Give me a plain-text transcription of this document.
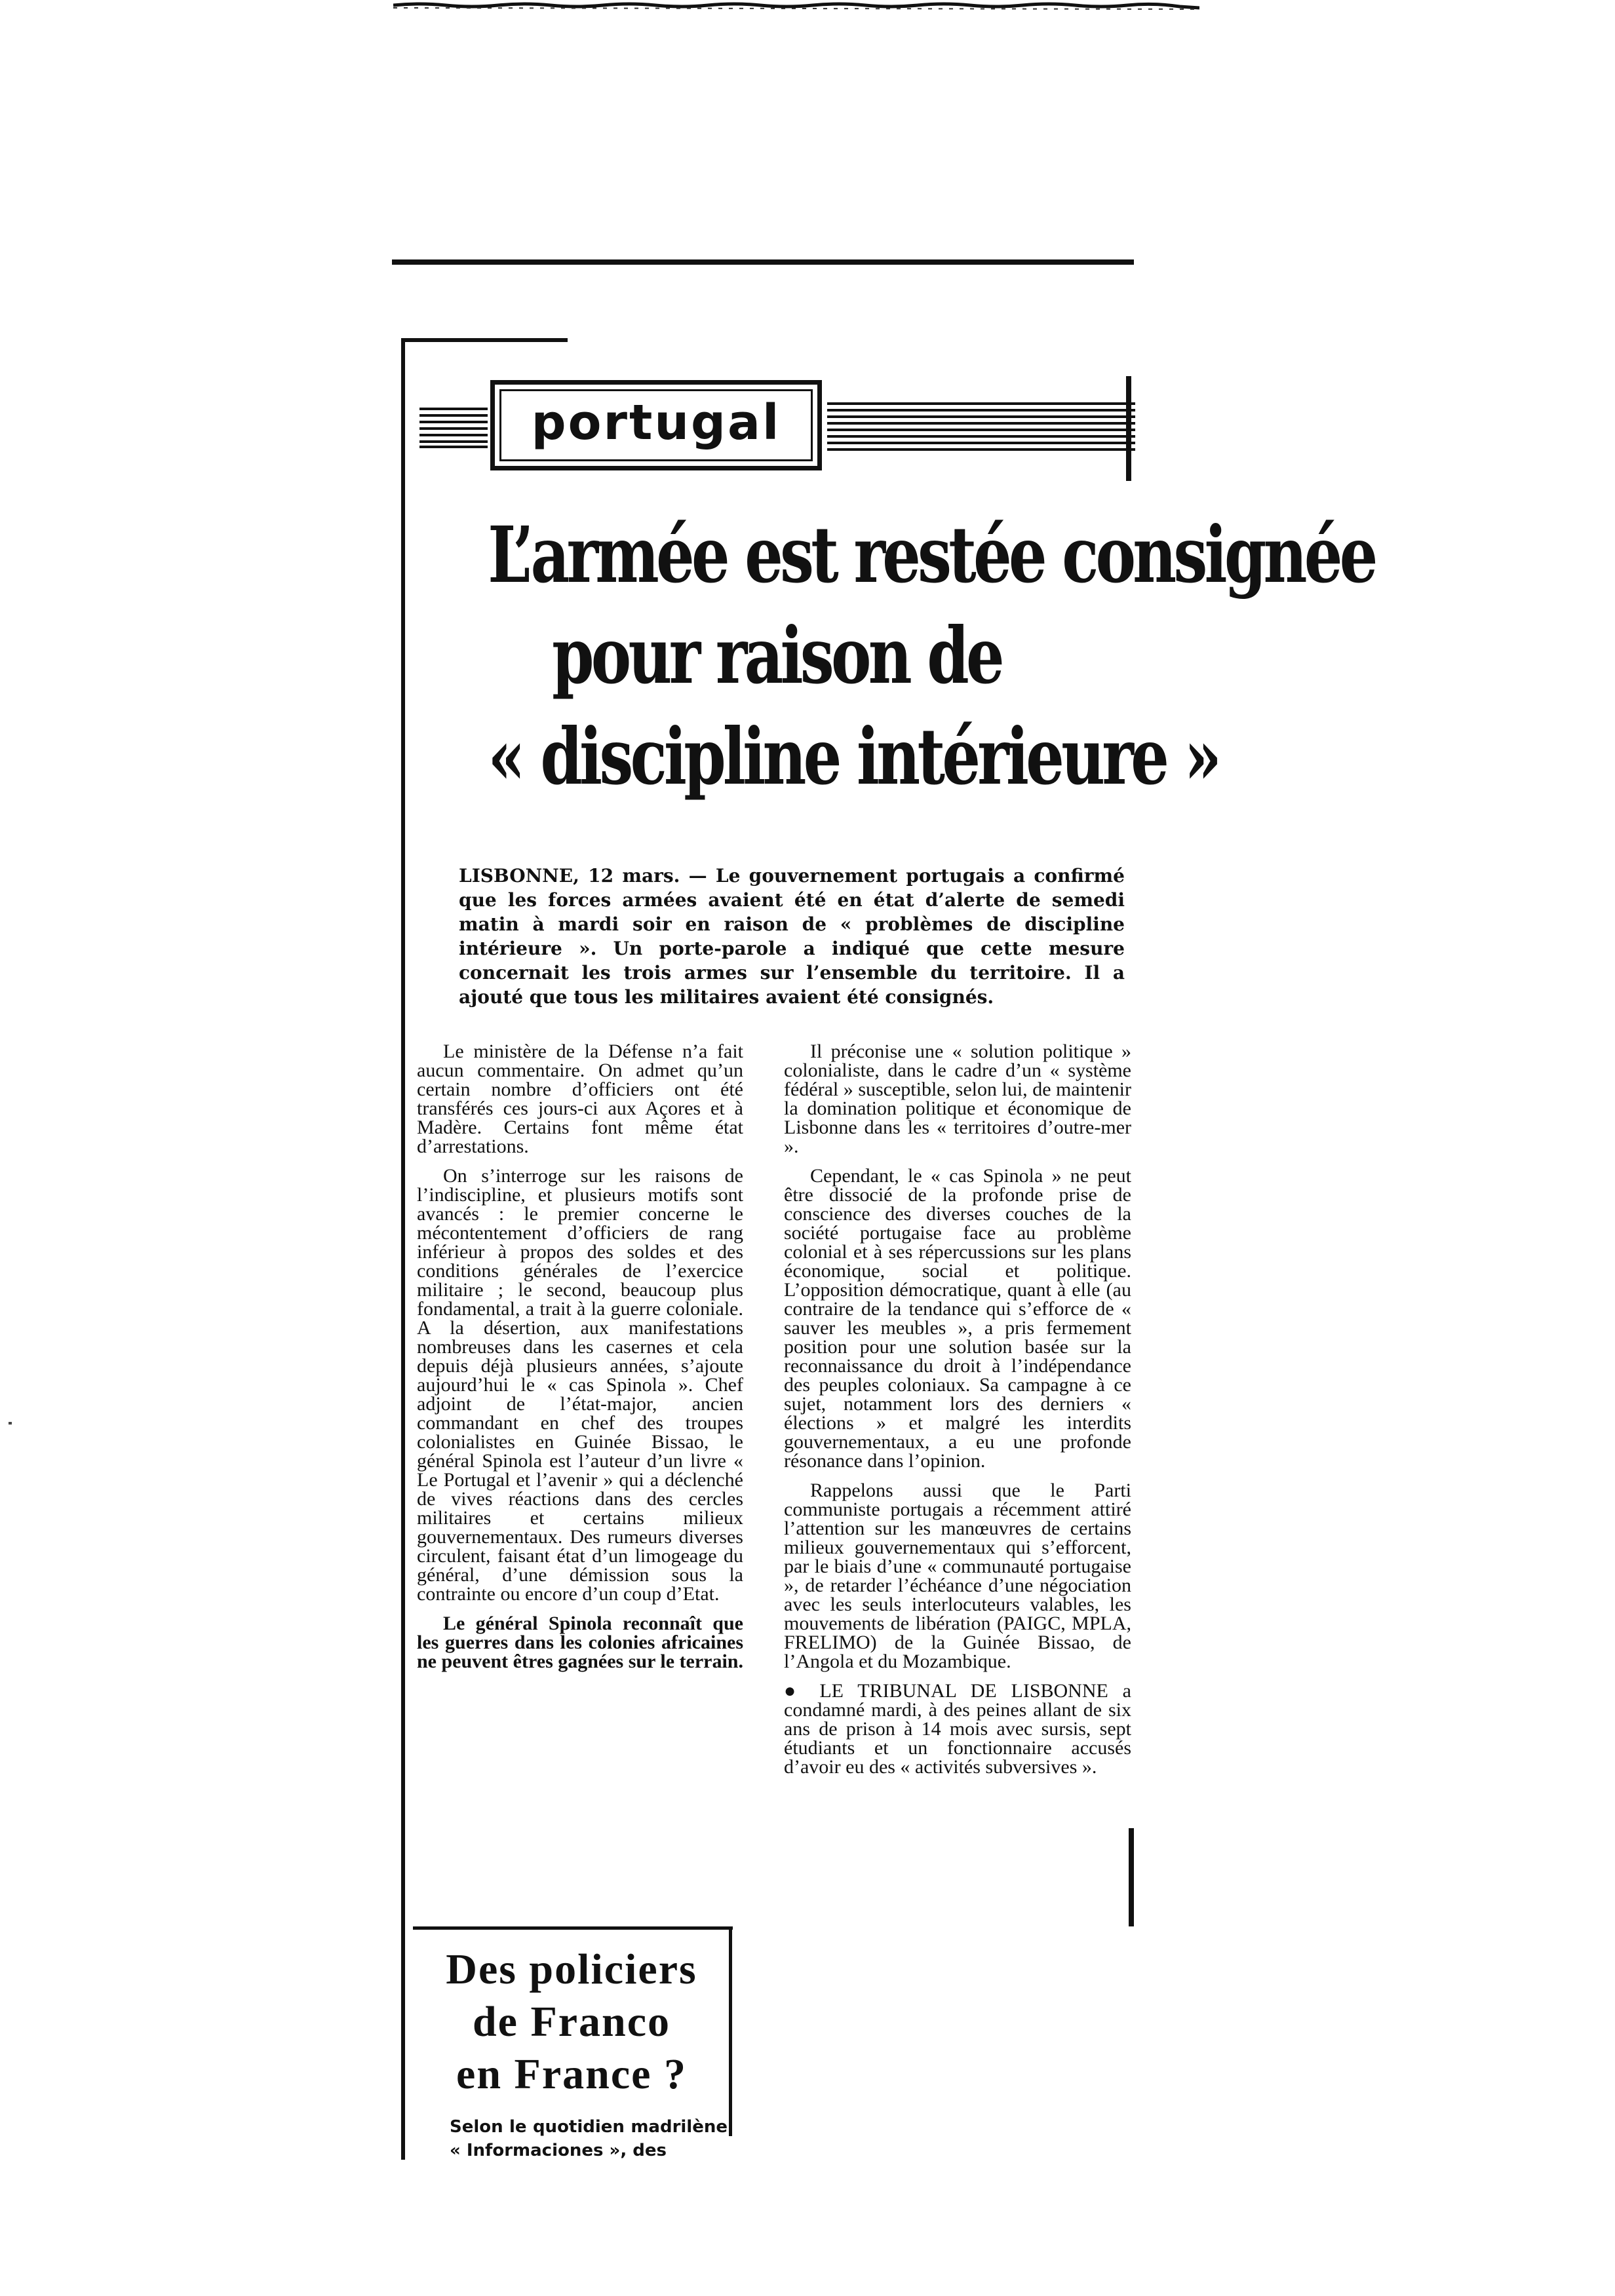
portugal
L’armée est restée consignée
pour raison de
« discipline intérieure »
LISBONNE, 12 mars. — Le gouvernement portugais a confirmé que les forces armées avaient été en état d’alerte de semedi matin à mardi soir en raison de « problèmes de discipline intérieure ». Un porte-parole a indiqué que cette mesure concernait les trois armes sur l’ensemble du territoire. Il a ajouté que tous les militaires avaient été consignés.

Le ministère de la Défense n’a fait aucun commentaire. On admet qu’un certain nombre d’officiers ont été transférés ces jours-ci aux Açores et à Madère. Certains font même état d’arrestations.

On s’interroge sur les raisons de l’indiscipline, et plusieurs motifs sont avancés : le premier concerne le mécontentement d’officiers de rang inférieur à propos des soldes et des conditions générales de l’exercice militaire ; le second, beaucoup plus fondamental, a trait à la guerre coloniale. A la désertion, aux manifestations nombreuses dans les casernes et cela depuis déjà plusieurs années, s’ajoute aujourd’hui le « cas Spinola ». Chef adjoint de l’état-major, ancien commandant en chef des troupes colonialistes en Guinée Bissao, le général Spinola est l’auteur d’un livre « Le Portugal et l’avenir » qui a déclenché de vives réactions dans des cercles militaires et certains milieux gouvernementaux. Des rumeurs diverses circulent, faisant état d’un limogeage du général, d’une démission sous la contrainte ou encore d’un coup d’Etat.

Le général Spinola reconnaît que les guerres dans les colonies africaines ne peuvent êtres gagnées sur le terrain.

Il préconise une « solution politique » colonialiste, dans le cadre d’un « système fédéral » susceptible, selon lui, de maintenir la domination politique et économique de Lisbonne dans les « territoires d’outre-mer ».

Cependant, le « cas Spinola » ne peut être dissocié de la profonde prise de conscience des diverses couches de la société portugaise face au problème colonial et à ses répercussions sur les plans économique, social et politique. L’opposition démocratique, quant à elle (au contraire de la tendance qui s’efforce de « sauver les meubles », a pris fermement position pour une solution basée sur la reconnaissance du droit à l’indépendance des peuples coloniaux. Sa campagne à ce sujet, notamment lors des derniers « élections » et malgré les interdits gouvernementaux, a eu une profonde résonance dans l’opinion.

Rappelons aussi que le Parti communiste portugais a récemment attiré l’attention sur les manœuvres de certains milieux gouvernementaux qui s’efforcent, par le biais d’une « communauté portugaise », de retarder l’échéance d’une négociation avec les seuls interlocuteurs valables, les mouvements de libération (PAIGC, MPLA, FRELIMO) de la Guinée Bissao, de l’Angola et du Mozambique.

● LE TRIBUNAL DE LISBONNE a condamné mardi, à des peines allant de six ans de prison à 14 mois avec sursis, sept étudiants et un fonctionnaire accusés d’avoir eu des « activités subversives ».

Des policiers
de Franco
en France ?
Selon le quotidien madrilène « Informaciones », des
